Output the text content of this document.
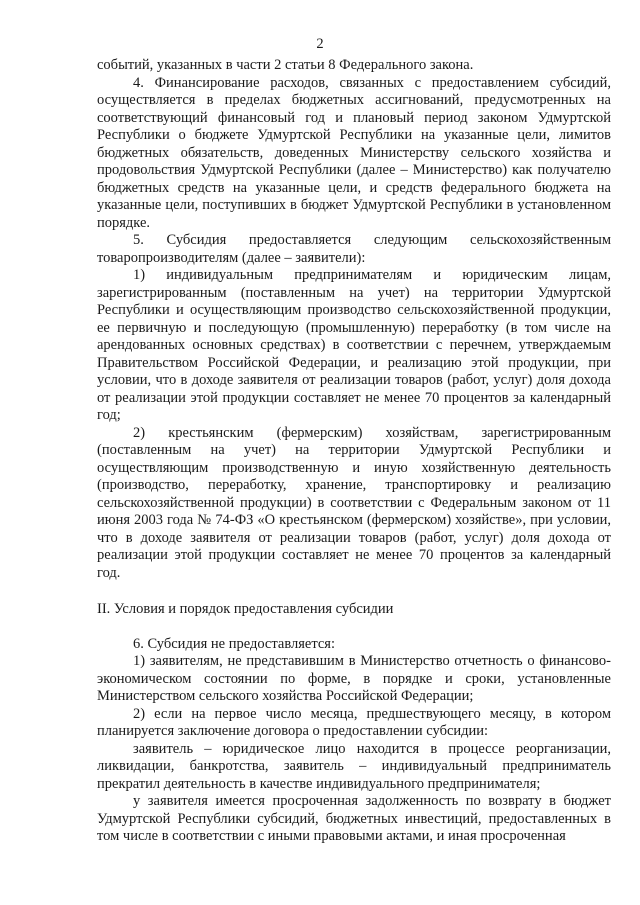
2

событий, указанных в части 2 статьи 8 Федерального закона.

4. Финансирование расходов, связанных с предоставлением субсидий, осуществляется в пределах бюджетных ассигнований, предусмотренных на соответствующий финансовый год и плановый период законом Удмуртской Республики о бюджете Удмуртской Республики на указанные цели, лимитов бюджетных обязательств, доведенных Министерству сельского хозяйства и продовольствия Удмуртской Республики (далее – Министерство) как получателю бюджетных средств на указанные цели, и средств федерального бюджета на указанные цели, поступивших в бюджет Удмуртской Республики в установленном порядке.

5. Субсидия предоставляется следующим сельскохозяйственным товаропроизводителям (далее – заявители):

1) индивидуальным предпринимателям и юридическим лицам, зарегистрированным (поставленным на учет) на территории Удмуртской Республики и осуществляющим производство сельскохозяйственной продукции, ее первичную и последующую (промышленную) переработку (в том числе на арендованных основных средствах) в соответствии с перечнем, утверждаемым Правительством Российской Федерации, и реализацию этой продукции, при условии, что в доходе заявителя от реализации товаров (работ, услуг) доля дохода от реализации этой продукции составляет не менее 70 процентов за календарный год;

2) крестьянским (фермерским) хозяйствам, зарегистрированным (поставленным на учет) на территории Удмуртской Республики и осуществляющим производственную и иную хозяйственную деятельность (производство, переработку, хранение, транспортировку и реализацию сельскохозяйственной продукции) в соответствии с Федеральным законом от 11 июня 2003 года № 74-ФЗ «О крестьянском (фермерском) хозяйстве», при условии, что в доходе заявителя от реализации товаров (работ, услуг) доля дохода от реализации этой продукции составляет не менее 70 процентов за календарный год.

II. Условия и порядок предоставления субсидии

6. Субсидия не предоставляется:

1) заявителям, не представившим в Министерство отчетность о финансово-экономическом состоянии по форме, в порядке и сроки, установленные Министерством сельского хозяйства Российской Федерации;

2) если на первое число месяца, предшествующего месяцу, в котором планируется заключение договора о предоставлении субсидии:

заявитель – юридическое лицо находится в процессе реорганизации, ликвидации, банкротства, заявитель – индивидуальный предприниматель прекратил деятельность в качестве индивидуального предпринимателя;

у заявителя имеется просроченная задолженность по возврату в бюджет Удмуртской Республики субсидий, бюджетных инвестиций, предоставленных в том числе в соответствии с иными правовыми актами, и иная просроченная
